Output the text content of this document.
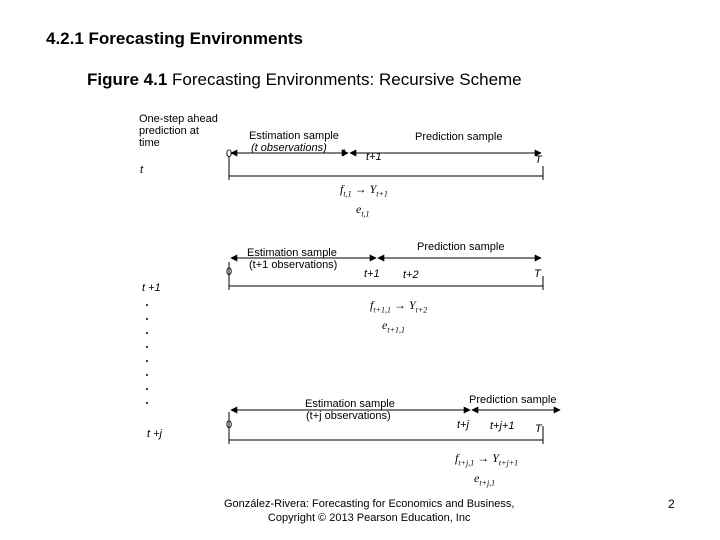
4.2.1 Forecasting Environments
Figure 4.1 Forecasting Environments: Recursive Scheme
One-step ahead
prediction at
time
t
t +1
t +j
0
Estimation sample
(t observations) t t+1
Prediction sample
T
$f_{t,1} \to Y_{t+1}$
$e_{t,1}$
0
Estimation sample
(t+1 observations)
t+1 t+2
Prediction sample
T
$f_{t+1,1} \to Y_{t+2}$
$e_{t+1,1}$
0
Estimation sample
(t+j observations)
t+j t+j+1
Prediction sample
T
$f_{t+j,1} \to Y_{t+j+1}$
$e_{t+j,1}$
González-Rivera: Forecasting for Economics and Business,
Copyright © 2013 Pearson Education, Inc
2
